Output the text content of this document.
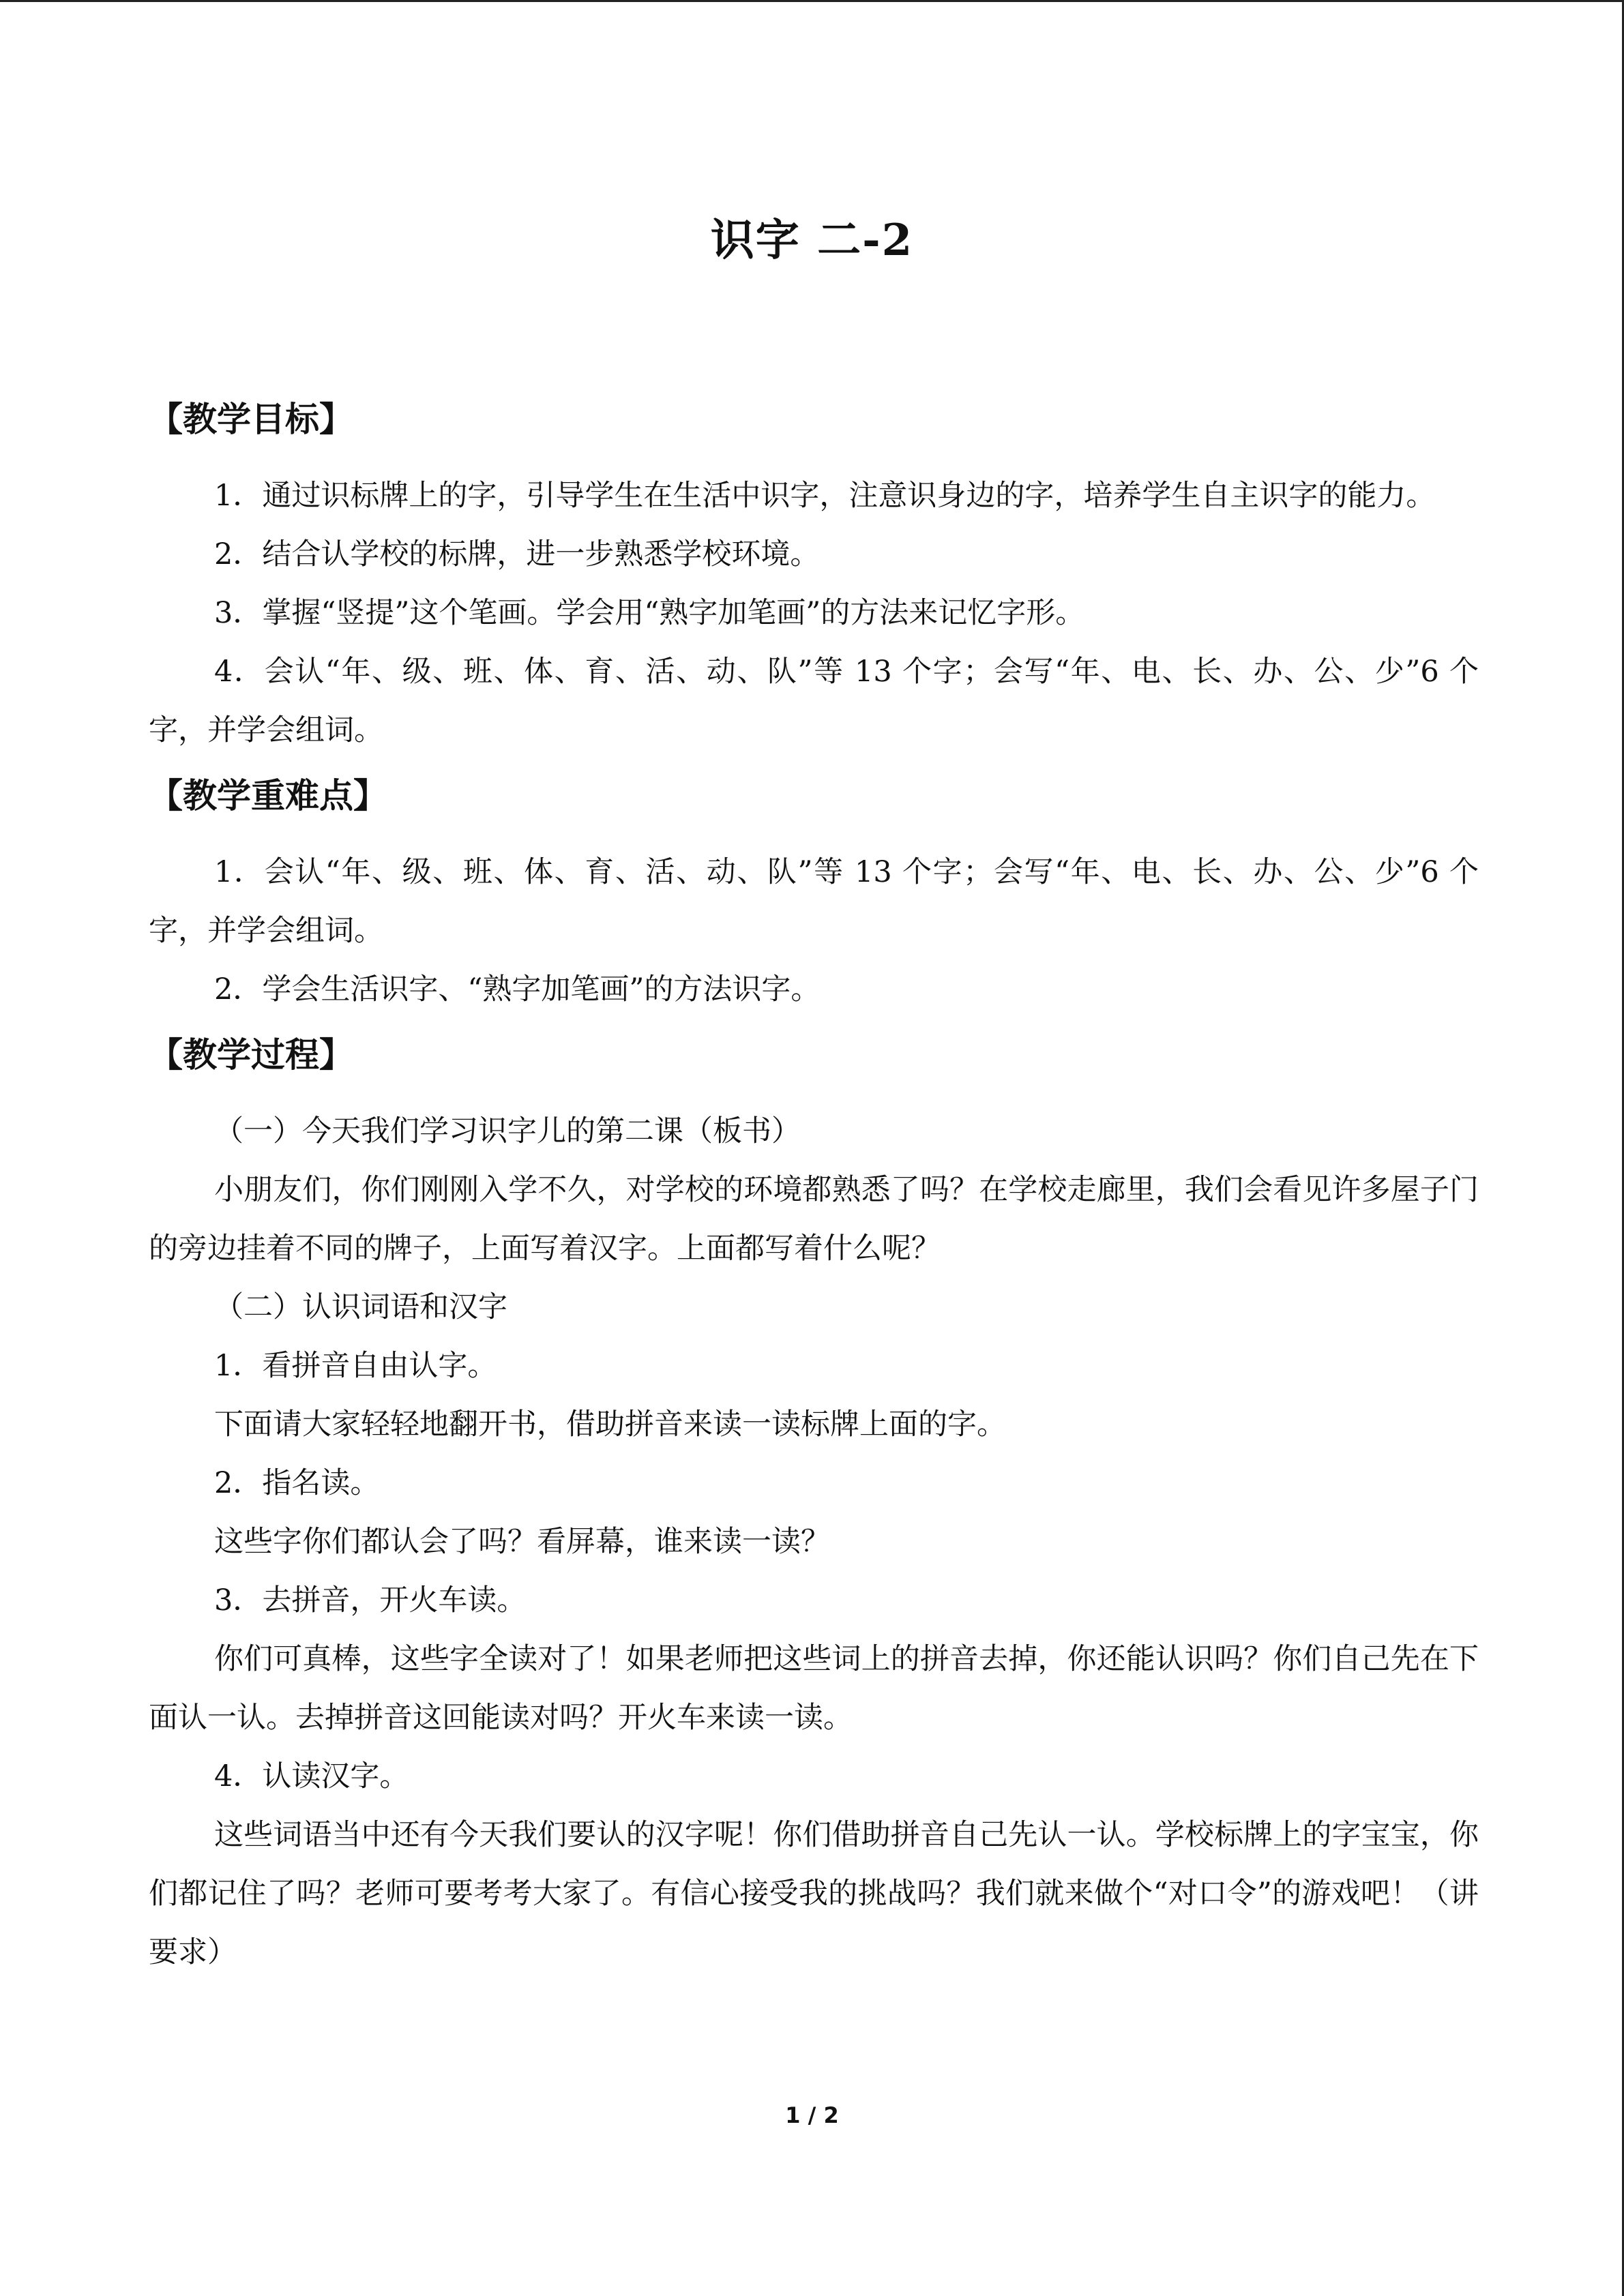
识字 二-2
【教学目标】

1．通过识标牌上的字，引导学生在生活中识字，注意识身边的字，培养学生自主识字的能力。

2．结合认学校的标牌，进一步熟悉学校环境。

3．掌握“竖提”这个笔画。学会用“熟字加笔画”的方法来记忆字形。

4．会认“年、级、班、体、育、活、动、队”等 13 个字；会写“年、电、长、办、公、少”6 个字，并学会组词。

【教学重难点】

1．会认“年、级、班、体、育、活、动、队”等 13 个字；会写“年、电、长、办、公、少”6 个字，并学会组词。

2．学会生活识字、“熟字加笔画”的方法识字。

【教学过程】

（一）今天我们学习识字儿的第二课（板书）

小朋友们，你们刚刚入学不久，对学校的环境都熟悉了吗？在学校走廊里，我们会看见许多屋子门的旁边挂着不同的牌子，上面写着汉字。上面都写着什么呢？

（二）认识词语和汉字

1．看拼音自由认字。

下面请大家轻轻地翻开书，借助拼音来读一读标牌上面的字。

2．指名读。

这些字你们都认会了吗？看屏幕，谁来读一读？

3．去拼音，开火车读。

你们可真棒，这些字全读对了！如果老师把这些词上的拼音去掉，你还能认识吗？你们自己先在下面认一认。去掉拼音这回能读对吗？开火车来读一读。

4．认读汉字。

这些词语当中还有今天我们要认的汉字呢！你们借助拼音自己先认一认。学校标牌上的字宝宝，你们都记住了吗？老师可要考考大家了。有信心接受我的挑战吗？我们就来做个“对口令”的游戏吧！（讲要求）

1 / 2
